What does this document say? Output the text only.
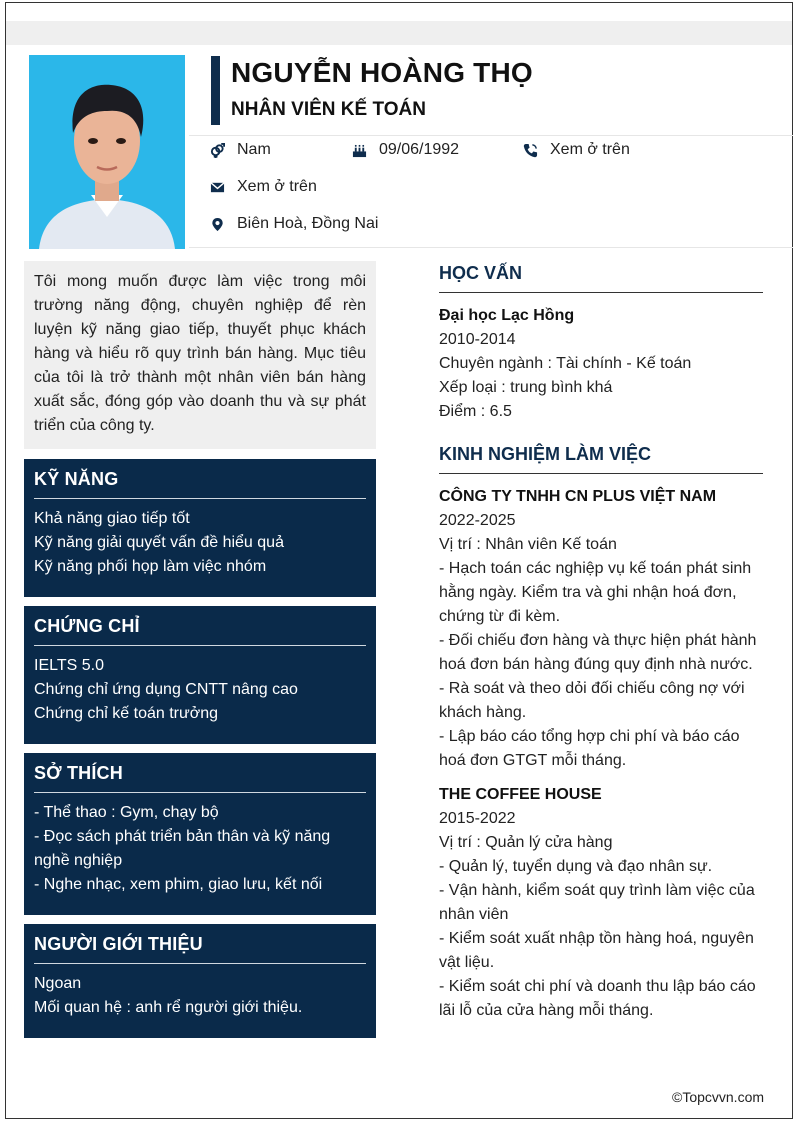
NGUYỄN HOÀNG THỌ
NHÂN VIÊN KẾ TOÁN
Nam	09/06/1992	Xem ở trên
Xem ở trên
Biên Hoà, Đồng Nai
Tôi mong muốn được làm việc trong môi trường năng động, chuyên nghiệp để rèn luyện kỹ năng giao tiếp, thuyết phục khách hàng và hiểu rõ quy trình bán hàng. Mục tiêu của tôi là trở thành một nhân viên bán hàng xuất sắc, đóng góp vào doanh thu và sự phát triển của công ty.
KỸ NĂNG
Khả năng giao tiếp tốt
Kỹ năng giải quyết vấn đề hiểu quả
Kỹ năng phối họp làm việc nhóm
CHỨNG CHỈ
IELTS 5.0
Chứng chỉ ứng dụng CNTT nâng cao
Chứng chỉ kế toán trưởng
SỞ THÍCH
- Thể thao : Gym, chạy bộ
- Đọc sách phát triển bản thân và kỹ năng nghề nghiệp
- Nghe nhạc, xem phim, giao lưu, kết nối
NGƯỜI GIỚI THIỆU
Ngoan
Mối quan hệ : anh rể người giới thiệu.
HỌC VẤN
Đại học Lạc Hồng
2010-2014
Chuyên ngành : Tài chính - Kế toán
Xếp loại : trung bình khá
Điểm : 6.5
KINH NGHIỆM LÀM VIỆC
CÔNG TY TNHH CN PLUS VIỆT NAM
2022-2025
Vị trí : Nhân viên Kế toán
- Hạch toán các nghiệp vụ kế toán phát sinh hằng ngày. Kiểm tra và ghi nhận hoá đơn, chứng từ đi kèm.
- Đối chiếu đơn hàng và thực hiện phát hành hoá đơn bán hàng đúng quy định nhà nước.
- Rà soát và theo dỏi đối chiếu công nợ với khách hàng.
- Lập báo cáo tổng hợp chi phí và báo cáo hoá đơn GTGT mỗi tháng.
THE COFFEE HOUSE
2015-2022
Vị trí : Quản lý cửa hàng
- Quản lý, tuyển dụng và đạo nhân sự.
- Vận hành, kiểm soát quy trình làm việc của nhân viên
- Kiểm soát xuất nhập tồn hàng hoá, nguyên vật liệu.
- Kiểm soát chi phí và doanh thu lập báo cáo lãi lỗ của cửa hàng mỗi tháng.
©Topcvvn.com
